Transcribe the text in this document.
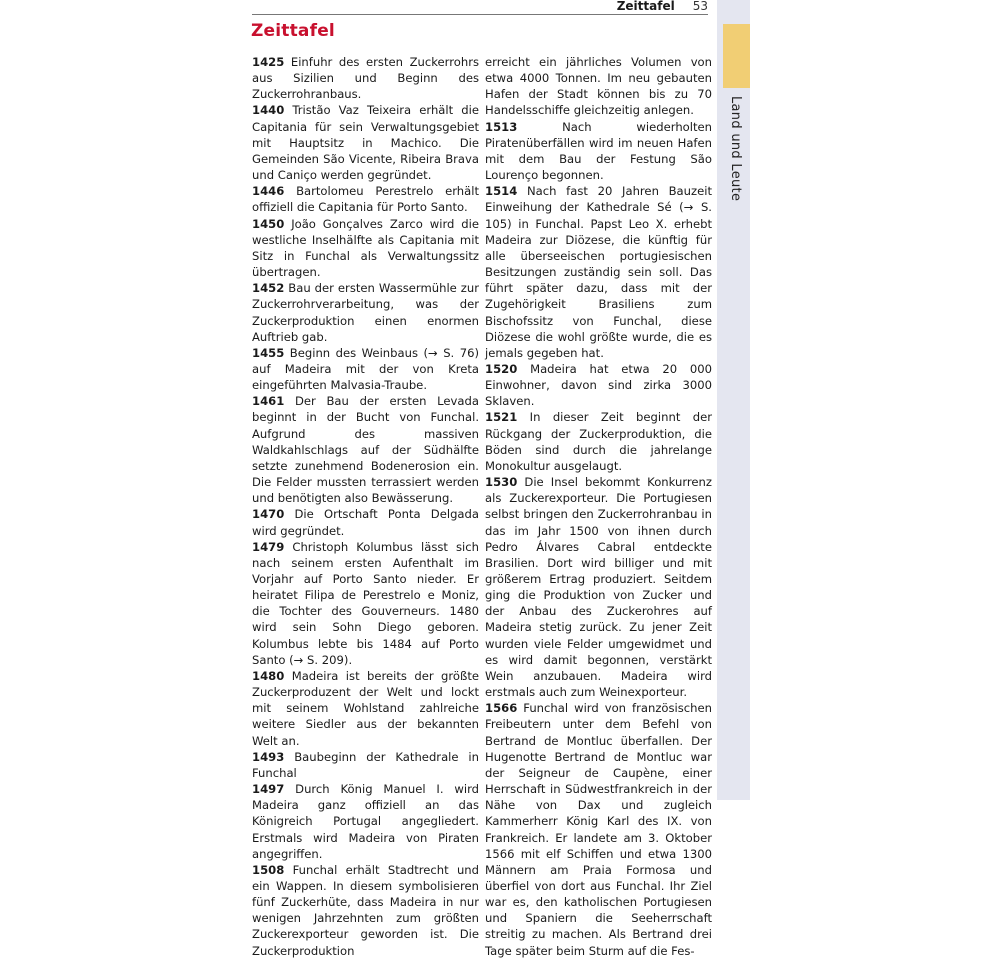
Land und Leute
Zeittafel 53
Zeittafel

1425 Einfuhr des ersten Zuckerrohrs aus Sizilien und Beginn des Zuckerrohranbaus.

1440 Tristão Vaz Teixeira erhält die Capitania für sein Verwaltungsgebiet mit Hauptsitz in Machico. Die Gemeinden São Vicente, Ribeira Brava und Caniço werden gegründet.

1446 Bartolomeu Perestrelo erhält offiziell die Capitania für Porto Santo.

1450 João Gonçalves Zarco wird die westliche Inselhälfte als Capitania mit Sitz in Funchal als Verwaltungssitz übertragen.

1452 Bau der ersten Wassermühle zur Zuckerrohrverarbeitung, was der Zuckerproduktion einen enormen Auftrieb gab.

1455 Beginn des Weinbaus (→ S. 76) auf Madeira mit der von Kreta eingeführten Malvasia-Traube.

1461 Der Bau der ersten Levada beginnt in der Bucht von Funchal. Aufgrund des massiven Waldkahlschlags auf der Südhälfte setzte zunehmend Bodenerosion ein. Die Felder mussten terrassiert werden und benötigten also Bewässerung.

1470 Die Ortschaft Ponta Delgada wird gegründet.

1479 Christoph Kolumbus lässt sich nach seinem ersten Aufenthalt im Vorjahr auf Porto Santo nieder. Er heiratet Filipa de Perestrelo e Moniz, die Tochter des Gouverneurs. 1480 wird sein Sohn Diego geboren. Kolumbus lebte bis 1484 auf Porto Santo (→ S. 209).

1480 Madeira ist bereits der größte Zuckerproduzent der Welt und lockt mit seinem Wohlstand zahlreiche weitere Siedler aus der bekannten Welt an.

1493 Baubeginn der Kathedrale in Funchal

1497 Durch König Manuel I. wird Madeira ganz offiziell an das Königreich Portugal angegliedert. Erstmals wird Madeira von Piraten angegriffen.

1508 Funchal erhält Stadtrecht und ein Wappen. In diesem symbolisieren fünf Zuckerhüte, dass Madeira in nur wenigen Jahrzehnten zum größten Zuckerexporteur geworden ist. Die Zuckerproduktion

erreicht ein jährliches Volumen von etwa 4000 Tonnen. Im neu gebauten Hafen der Stadt können bis zu 70 Handelsschiffe gleichzeitig anlegen.

1513	Nach wiederholten Piratenüberfällen wird im neuen Hafen mit dem Bau der Festung São Lourenço begonnen.

1514 Nach fast 20 Jahren Bauzeit Einweihung der Kathedrale Sé (→ S. 105) in Funchal. Papst Leo X. erhebt Madeira zur Diözese, die künftig für alle überseeischen portugiesischen Besitzungen zuständig sein soll. Das führt später dazu, dass mit der Zugehörigkeit Brasiliens zum Bischofssitz von Funchal, diese Diözese die wohl größte wurde, die es jemals gegeben hat.

1520 Madeira hat etwa 20 000 Einwohner, davon sind zirka 3000 Sklaven.

1521 In dieser Zeit beginnt der Rückgang der Zuckerproduktion, die Böden sind durch die jahrelange Monokultur ausgelaugt.

1530 Die Insel bekommt Konkurrenz als Zuckerexporteur. Die Portugiesen selbst bringen den Zuckerrohranbau in das im Jahr 1500 von ihnen durch Pedro Álvares Cabral entdeckte Brasilien. Dort wird billiger und mit größerem Ertrag produziert. Seitdem ging die Produktion von Zucker und der Anbau des Zuckerohres auf Madeira stetig zurück. Zu jener Zeit wurden viele Felder umgewidmet und es wird damit begonnen, verstärkt Wein anzubauen. Madeira wird erstmals auch zum Weinexporteur.

1566 Funchal wird von französischen Freibeutern unter dem Befehl von Bertrand de Montluc überfallen. Der Hugenotte Bertrand de Montluc war der Seigneur de Caupène, einer Herrschaft in Südwestfrankreich in der Nähe von Dax und zugleich Kammerherr König Karl des IX. von Frankreich. Er landete am 3. Oktober 1566 mit elf Schiffen und etwa 1300 Männern am Praia Formosa und überfiel von dort aus Funchal. Ihr Ziel war es, den katholischen Portugiesen und Spaniern die Seeherrschaft streitig zu machen. Als Bertrand drei Tage später beim Sturm auf die Fes-
